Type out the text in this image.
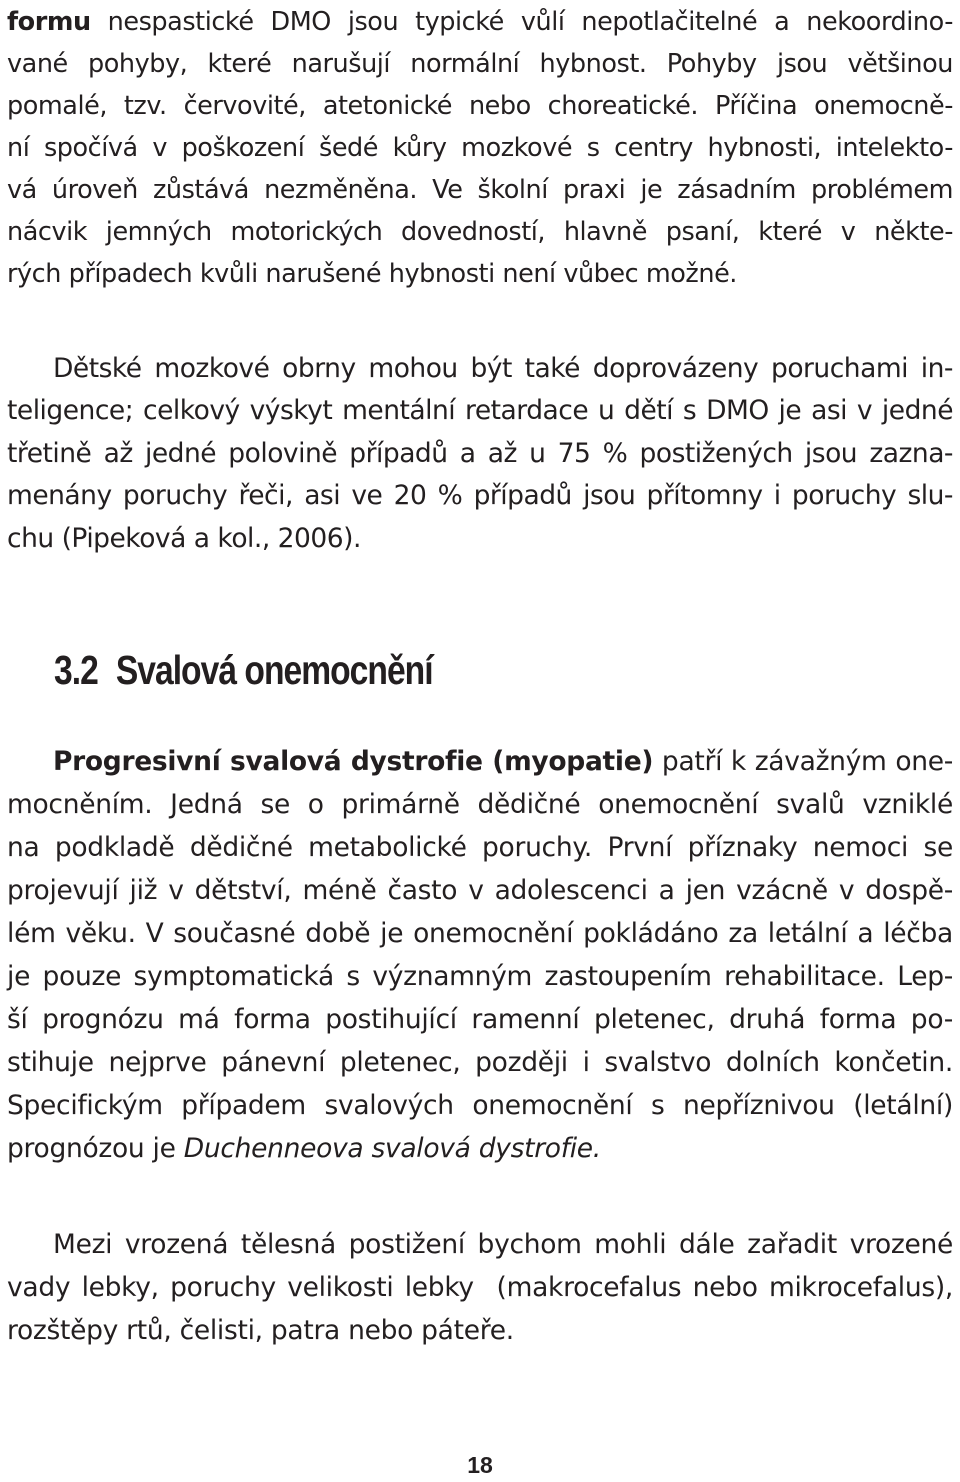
formu nespastické DMO jsou typické vůlí nepotlačitelné a nekoordino-
vané pohyby, které narušují normální hybnost. Pohyby jsou většinou
pomalé, tzv. červovité, atetonické nebo choreatické. Příčina onemocně-
ní spočívá v poškození šedé kůry mozkové s centry hybnosti, intelekto-
vá úroveň zůstává nezměněna. Ve školní praxi je zásadním problémem
nácvik jemných motorických dovedností, hlavně psaní, které v někte-
rých případech kvůli narušené hybnosti není vůbec možné.
Dětské mozkové obrny mohou být také doprovázeny poruchami in-
teligence; celkový výskyt mentální retardace u dětí s DMO je asi v jedné
třetině až jedné polovině případů a až u 75 % postižených jsou zazna-
menány poruchy řeči, asi ve 20 % případů jsou přítomny i poruchy slu-
chu (Pipeková a kol., 2006).
3.2 Svalová onemocnění
Progresivní svalová dystrofie (myopatie) patří k závažným one-
mocněním. Jedná se o primárně dědičné onemocnění svalů vzniklé
na podkladě dědičné metabolické poruchy. První příznaky nemoci se
projevují již v dětství, méně často v adolescenci a jen vzácně v dospě-
lém věku. V současné době je onemocnění pokládáno za letální a léčba
je pouze symptomatická s významným zastoupením rehabilitace. Lep-
ší prognózu má forma postihující ramenní pletenec, druhá forma po-
stihuje nejprve pánevní pletenec, později i svalstvo dolních končetin.
Specifickým případem svalových onemocnění s nepříznivou (letální)
prognózou je Duchenneova svalová dystrofie.
Mezi vrozená tělesná postižení bychom mohli dále zařadit vrozené
vady lebky, poruchy velikosti lebky  (makrocefalus nebo mikrocefalus),
rozštěpy rtů, čelisti, patra nebo páteře.
18
